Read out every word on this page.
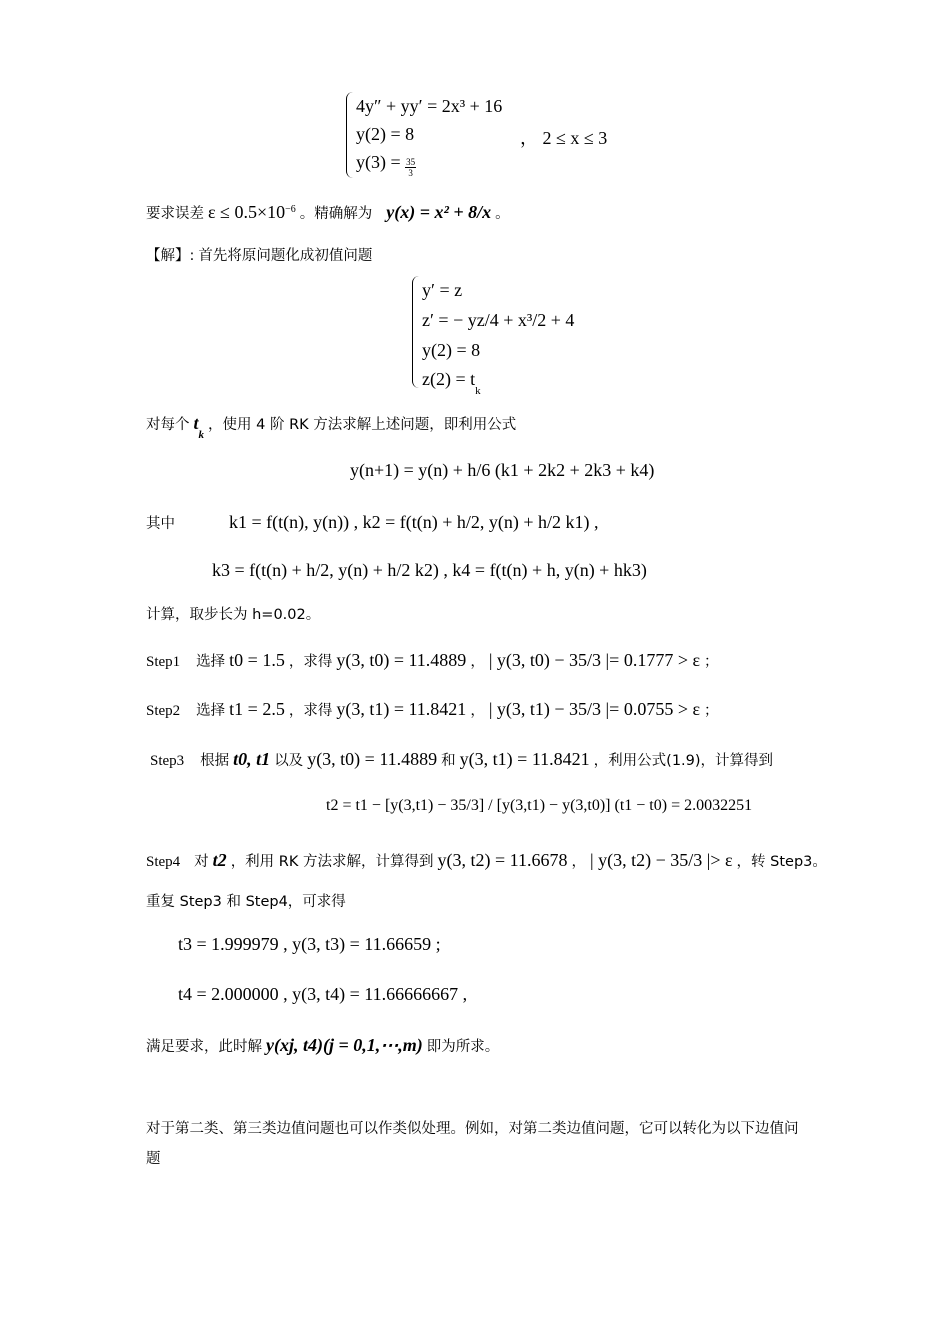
4y″ + yy′ = 2x³ + 16
y(2) = 8
$y(3) = \frac{35}{3}$
， 2 ≤ x ≤ 3
要求误差 $\varepsilon \le 0.5\times 10^{-6}$ 。精确解为 y(x) = x² + 8/x 。
【解】: 首先将原问题化成初值问题
y′ = z
z′ = − yz/4 + x³/2 + 4
y(2) = 8
$z(2) = t_k$
对每个 $t_k$ ，使用 4 阶 RK 方法求解上述问题，即利用公式
y(n+1) = y(n) + h/6 (k1 + 2k2 + 2k3 + k4)
其中	k1 = f(t(n), y(n)) , k2 = f(t(n) + h/2, y(n) + h/2 k1) ,
k3 = f(t(n) + h/2, y(n) + h/2 k2) , k4 = f(t(n) + h, y(n) + hk3)
计算，取步长为 h=0.02。
Step1 选择 t0 = 1.5 ，求得 y(3, t0) = 11.4889 ， | y(3, t0) − 35/3 |= 0.1777 > ε ；
Step2 选择 t1 = 2.5 ，求得 y(3, t1) = 11.8421 ， | y(3, t1) − 35/3 |= 0.0755 > ε ；
Step3 根据 t0, t1 以及 y(3, t0) = 11.4889 和 y(3, t1) = 11.8421 ，利用公式(1.9)，计算得到
t2 = t1 − [y(3,t1) − 35/3] / [y(3,t1) − y(3,t0)] (t1 − t0) = 2.0032251
Step4 对 t2 ，利用 RK 方法求解，计算得到 y(3, t2) = 11.6678 ， | y(3, t2) − 35/3 |> ε ，转 Step3。
重复 Step3 和 Step4，可求得
t3 = 1.999979 , y(3, t3) = 11.66659 ;
t4 = 2.000000 , y(3, t4) = 11.66666667 ,
满足要求，此时解 y(xj, t4)(j = 0,1,⋯,m) 即为所求。
对于第二类、第三类边值问题也可以作类似处理。例如，对第二类边值问题，它可以转化为以下边值问题
